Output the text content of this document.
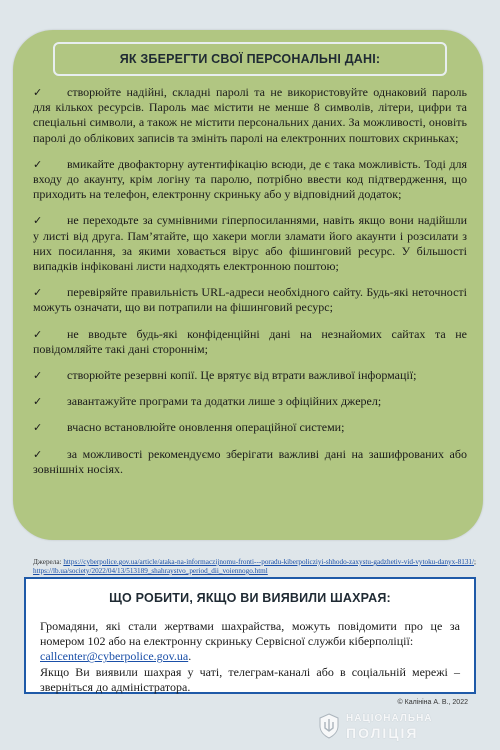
ЯК ЗБЕРЕГТИ СВОЇ ПЕРСОНАЛЬНІ ДАНІ:
✓ створюйте надійні, складні паролі та не використовуйте однаковий пароль для кількох ресурсів. Пароль має містити не менше 8 символів, літери, цифри та спеціальні символи, а також не містити персональних даних. За можливості, оновіть паролі до облікових записів та змініть паролі на електронних поштових скриньках;
✓ вмикайте двофакторну аутентифікацію всюди, де є така можливість. Тоді для входу до акаунту, крім логіну та паролю, потрібно ввести код підтвердження, що приходить на телефон, електронну скриньку або у відповідний додаток;
✓ не переходьте за сумнівними гіперпосиланнями, навіть якщо вони надійшли у листі від друга. Пам’ятайте, що хакери могли зламати його акаунти і розсилати з них посилання, за якими ховається вірус або фішинговий ресурс. У більшості випадків інфіковані листи надходять електронною поштою;
✓ перевіряйте правильність URL-адреси необхідного сайту. Будь-які неточності можуть означати, що ви потрапили на фішинговий ресурс;
✓ не вводьте будь-які конфіденційні дані на незнайомих сайтах та не повідомляйте такі дані стороннім;
✓ створюйте резервні копії. Це врятує від втрати важливої інформації;
✓ завантажуйте програми та додатки лише з офіційних джерел;
✓ вчасно встановлюйте оновлення операційної системи;
✓ за можливості рекомендуємо зберігати важливі дані на зашифрованих або зовнішніх носіях.
Джерела: https://cyberpolice.gov.ua/article/ataka-na-informaczijnomu-fronti---poradu-kiberpolicziyi-shhodo-zaxystu-gadzhetiv-vid-vytoku-danyx-8131/; https://lb.ua/society/2022/04/13/513189_shahraystvo_period_dii_voiennogo.html
ЩО РОБИТИ, ЯКЩО ВИ ВИЯВИЛИ ШАХРАЯ:
Громадяни, які стали жертвами шахрайства, можуть повідомити про це за номером 102 або на електронну скриньку Сервісної служби кіберполіції:
callcenter@cyberpolice.gov.ua.
Якщо Ви виявили шахрая у чаті, телеграм-каналі або в соціальній мережі – зверніться до адміністратора.
© Калініна А. В., 2022
НАЦІОНАЛЬНА
ПОЛІЦІЯ
